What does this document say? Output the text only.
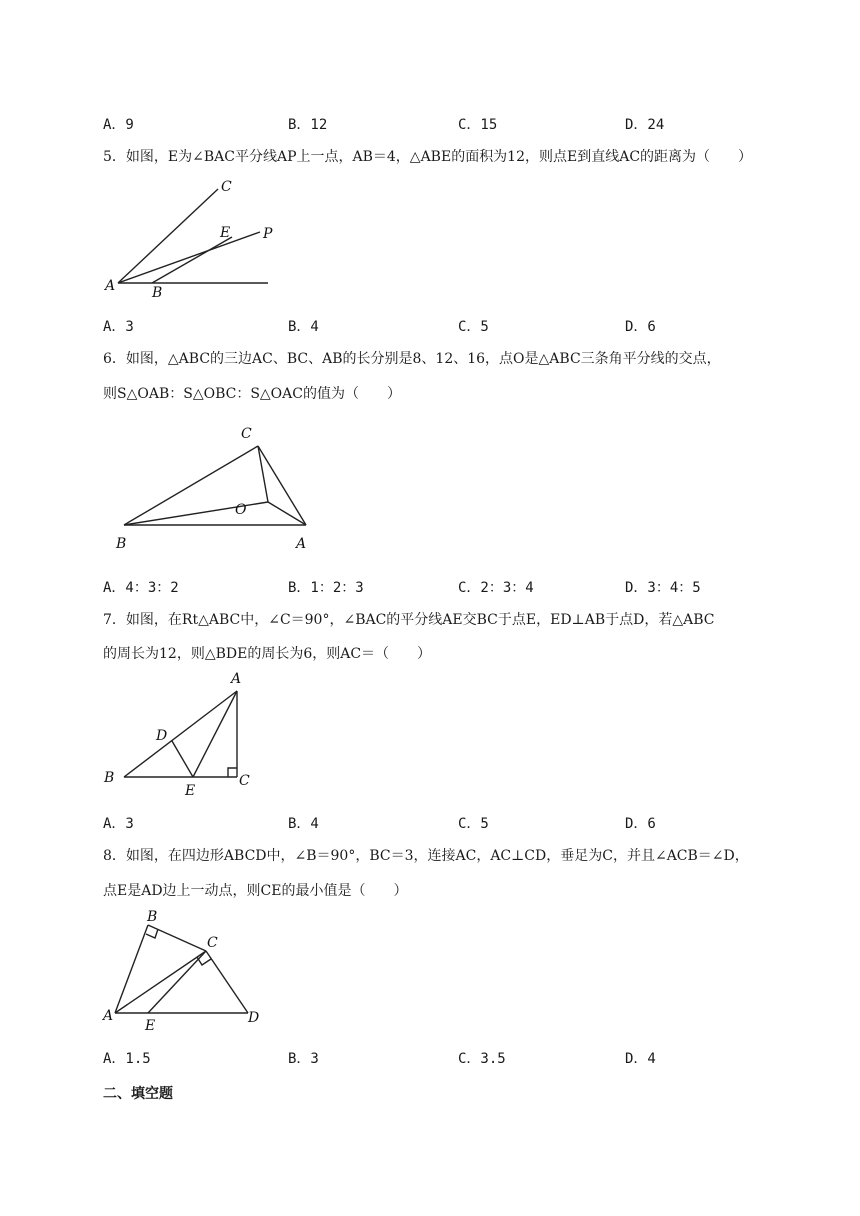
A．9	B．12	C．15	D．24
5．如图，E为∠BAC平分线AP上一点，AB＝4，△ABE的面积为12，则点E到直线AC的距离为（　　）
A	B
C
E P
A．3	B．4	C．5	D．6
6．如图，△ABC的三边AC、BC、AB的长分别是8、12、16，点O是△ABC三条角平分线的交点，
则S△OAB：S△OBC：S△OAC的值为（　　）
B	A
C
O
A．4：3：2	B．1：2：3	C．2：3：4	D．3：4：5
7．如图，在Rt△ABC中，∠C＝90°，∠BAC的平分线AE交BC于点E，ED⊥AB于点D，若△ABC
的周长为12，则△BDE的周长为6，则AC＝（　　）
B
E
C
A
D
A．3	B．4	C．5	D．6
8．如图，在四边形ABCD中，∠B＝90°，BC＝3，连接AC，AC⊥CD，垂足为C，并且∠ACB＝∠D，
点E是AD边上一动点，则CE的最小值是（　　）
A
B
C
D
E
A．1.5	B．3	C．3.5	D．4
二、填空题
